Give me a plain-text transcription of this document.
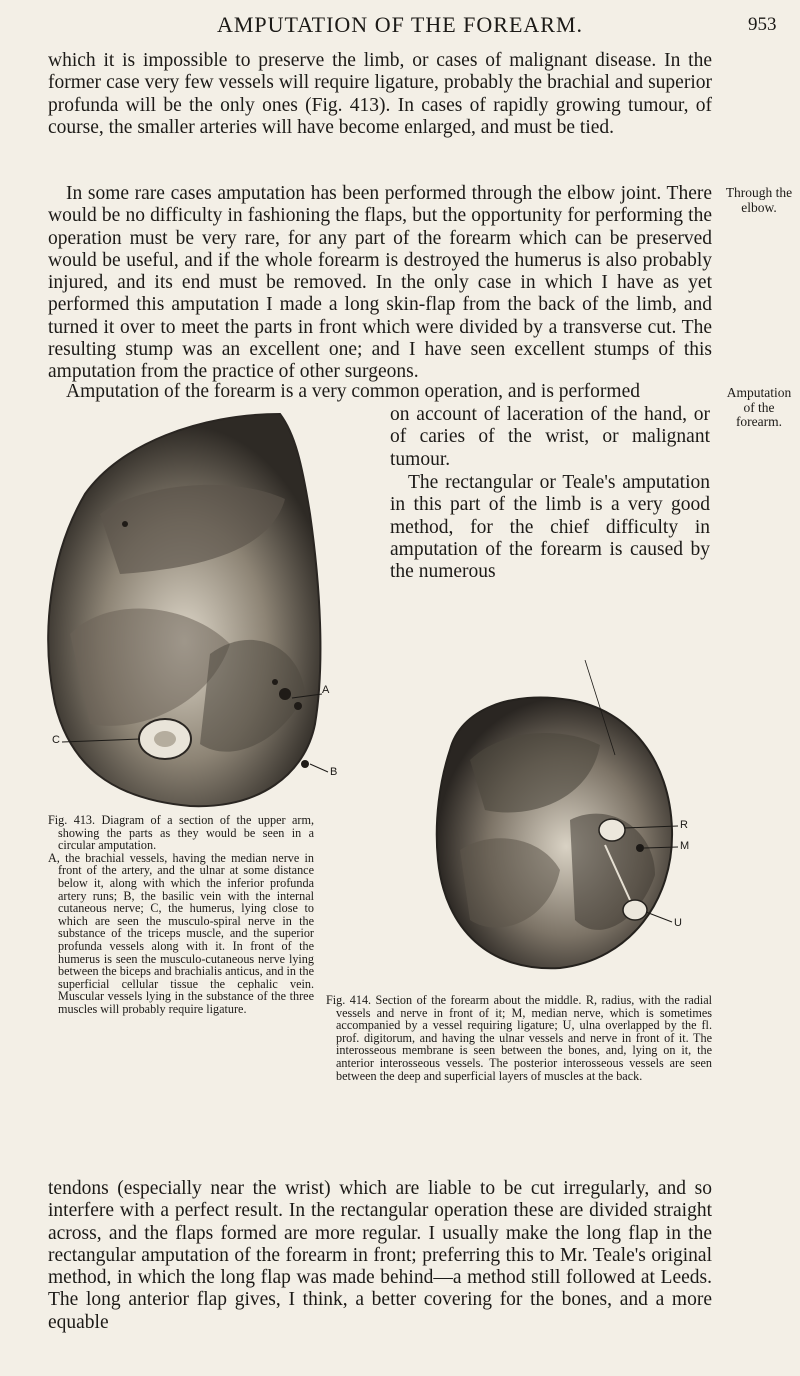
AMPUTATION OF THE FOREARM.	953

which it is impossible to preserve the limb, or cases of malignant disease. In the former case very few vessels will require ligature, probably the brachial and superior profunda will be the only ones (Fig. 413). In cases of rapidly growing tumour, of course, the smaller arteries will have become enlarged, and must be tied.

In some rare cases amputation has been performed through the elbow joint. There would be no difficulty in fashioning the flaps, but the opportunity for performing the operation must be very rare, for any part of the forearm which can be preserved would be useful, and if the whole forearm is destroyed the humerus is also probably injured, and its end must be removed. In the only case in which I have as yet performed this amputation I made a long skin-flap from the back of the limb, and turned it over to meet the parts in front which were divided by a transverse cut. The resulting stump was an excellent one; and I have seen excellent stumps of this amputation from the practice of other surgeons.

Through the elbow.

Amputation of the forearm is a very common operation, and is performed	Amputation of the forearm.

on account of laceration of the hand, or of caries of the wrist, or malignant tumour.

The rectangular or Teale's amputation in this part of the limb is a very good method, for the chief difficulty in amputation of the forearm is caused by the numerous

A
B
C

Fig. 413. Diagram of a section of the upper arm, showing the parts as they would be seen in a circular amputation.

A, the brachial vessels, having the median nerve in front of the artery, and the ulnar at some distance below it, along with which the inferior profunda artery runs; B, the basilic vein with the internal cutaneous nerve; C, the humerus, lying close to which are seen the musculo-spiral nerve in the substance of the triceps muscle, and the superior profunda vessels along with it. In front of the humerus is seen the musculo-cutaneous nerve lying between the biceps and brachialis anticus, and in the superficial cellular tissue the cephalic vein. Muscular vessels lying in the substance of the three muscles will probably require ligature.

R
M
U

Fig. 414. Section of the forearm about the middle. R, radius, with the radial vessels and nerve in front of it; M, median nerve, which is sometimes accompanied by a vessel requiring ligature; U, ulna overlapped by the fl. prof. digitorum, and having the ulnar vessels and nerve in front of it. The interosseous membrane is seen between the bones, and, lying on it, the anterior interosseous vessels. The posterior interosseous vessels are seen between the deep and superficial layers of muscles at the back.

tendons (especially near the wrist) which are liable to be cut irregularly, and so interfere with a perfect result. In the rectangular operation these are divided straight across, and the flaps formed are more regular. I usually make the long flap in the rectangular amputation of the forearm in front; preferring this to Mr. Teale's original method, in which the long flap was made behind—a method still followed at Leeds. The long anterior flap gives, I think, a better covering for the bones, and a more equable
